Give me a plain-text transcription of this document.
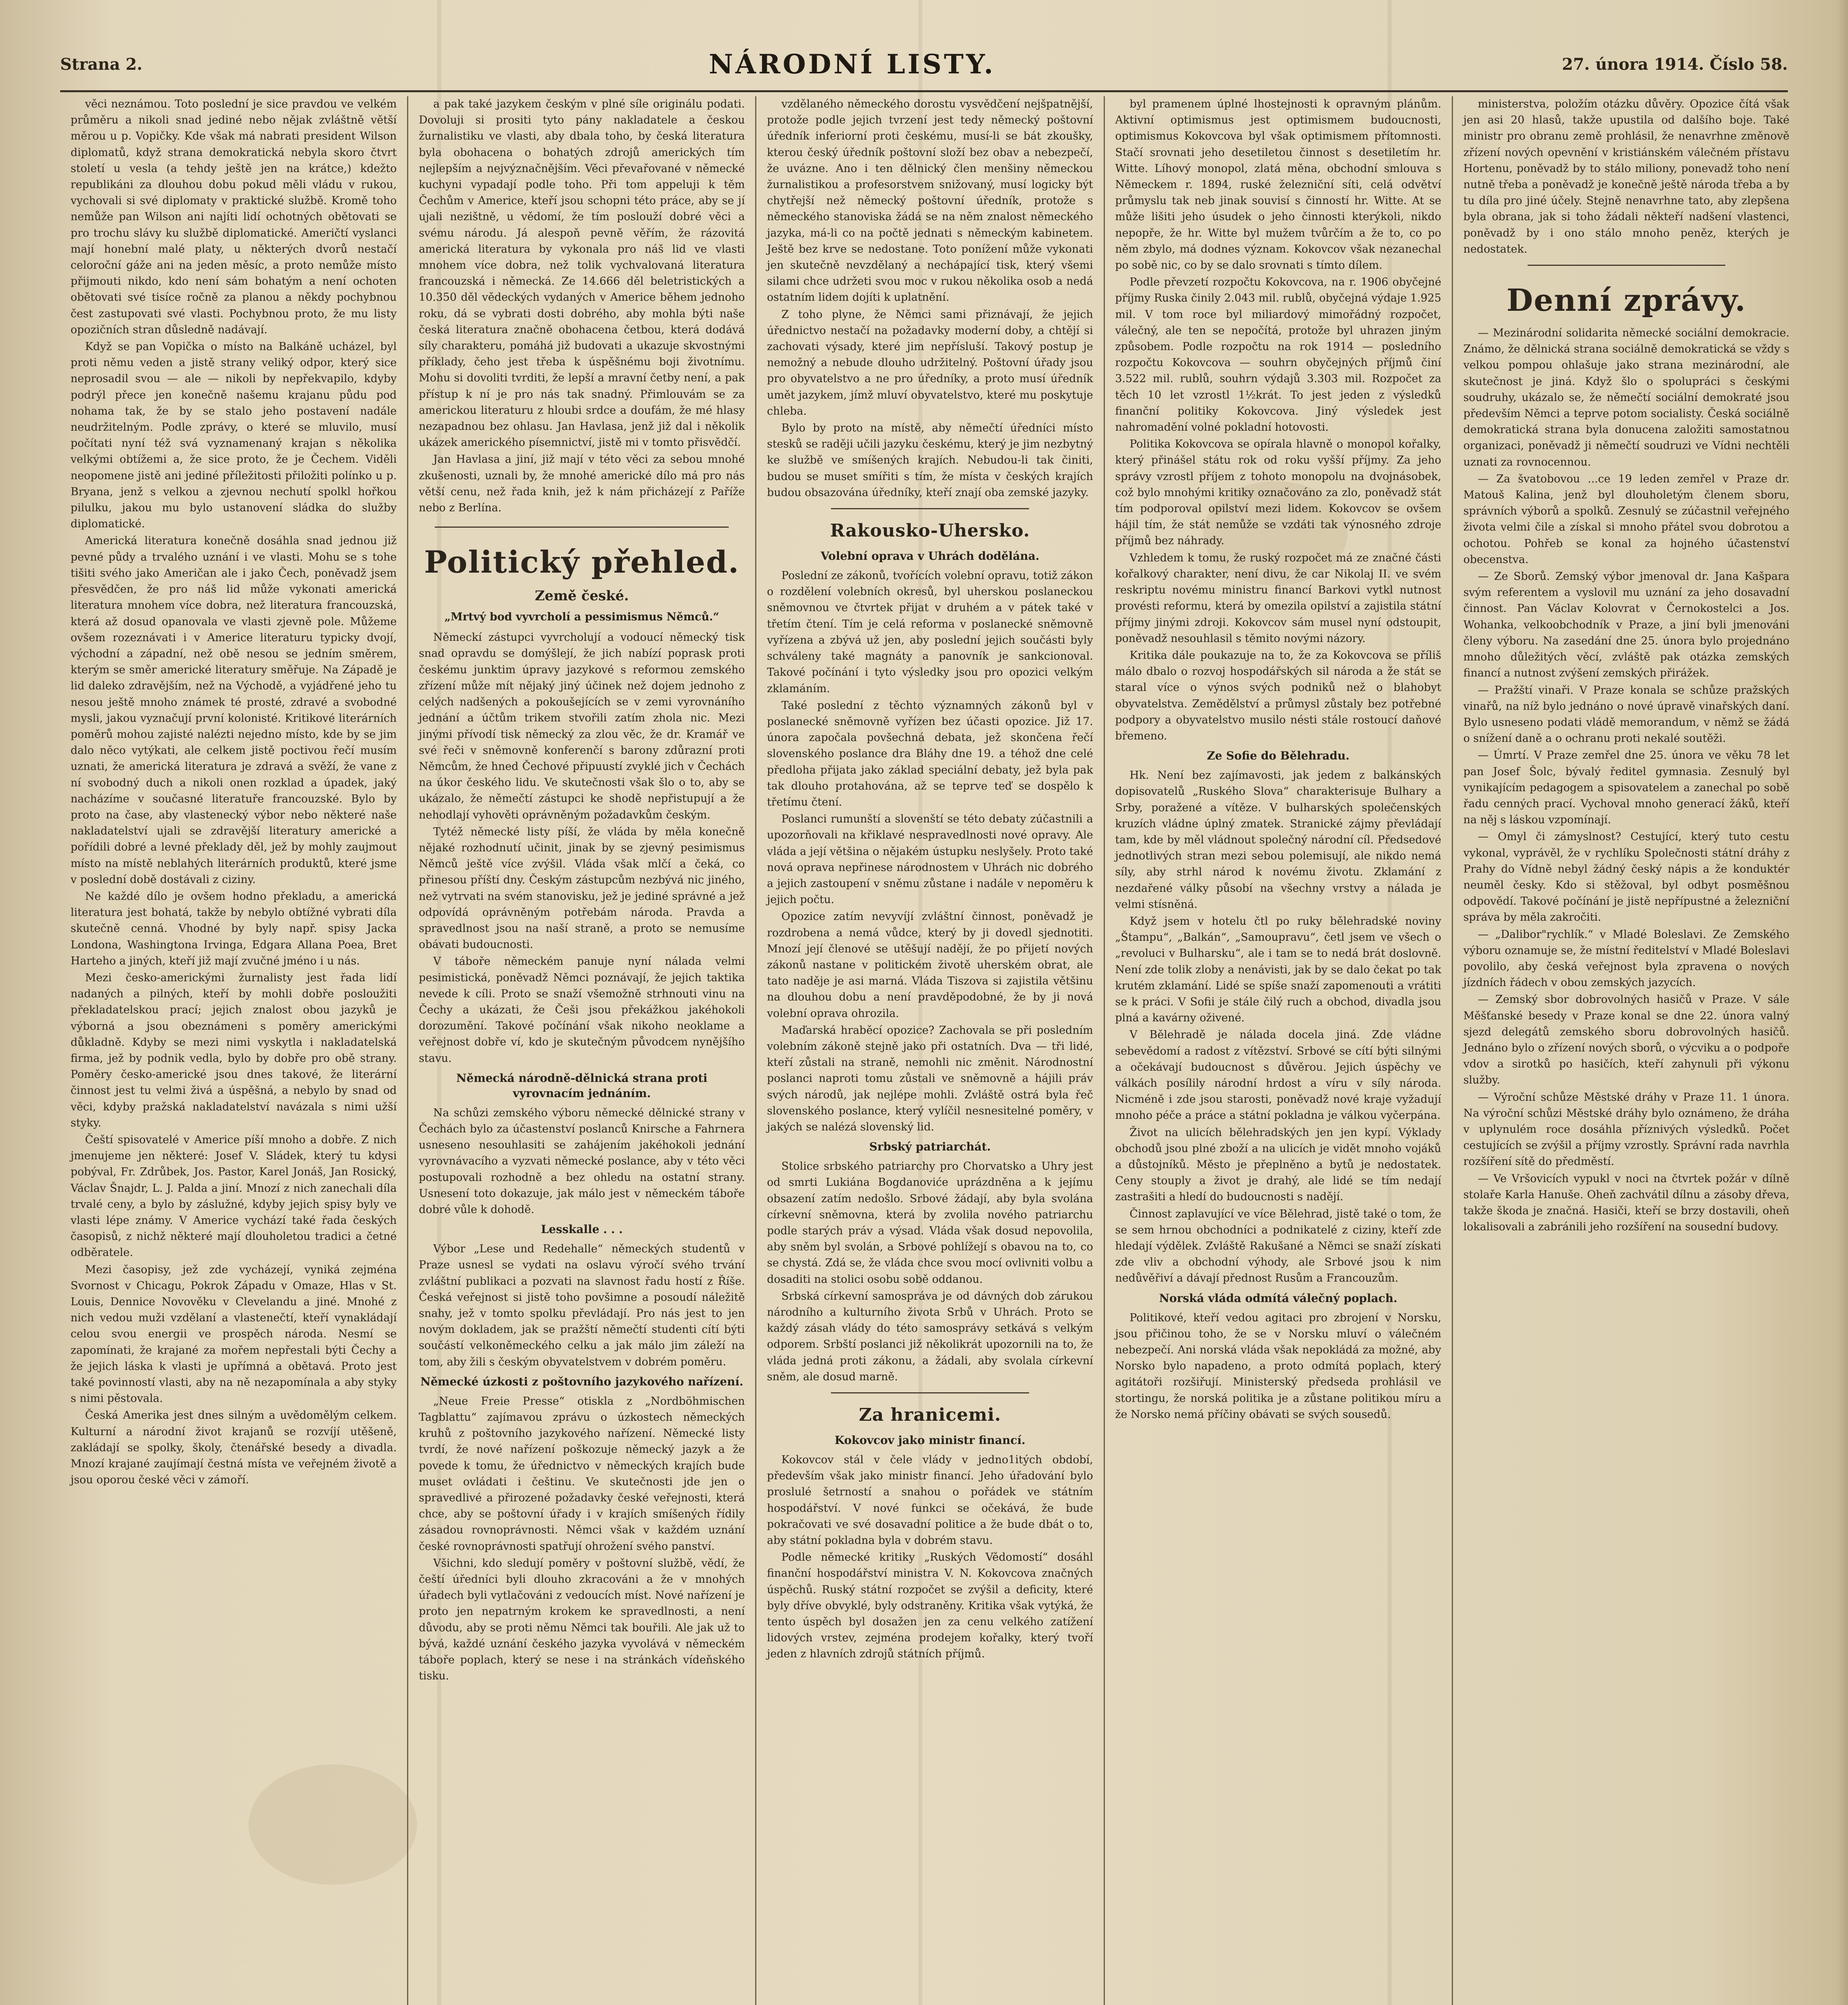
Strana 2.	NÁRODNÍ LISTY.	27. února 1914. Číslo 58.

věci neznámou. Toto poslední je sice pravdou ve velkém průměru a nikoli snad jediné nebo nějak zvláštně větší měrou u p. Vopičky. Kde však má nabrati president Wilson diplomatů, když strana demokratická nebyla skoro čtvrt století u vesla (a tehdy ještě jen na krátce,) kdežto republikáni za dlouhou dobu pokud měli vládu v rukou, vychovali si své diplomaty v praktické službě. Kromě toho nemůže pan Wilson ani najíti lidí ochotných obětovati se pro trochu slávy ku službě diplomatické. Američtí vyslanci mají honební malé platy, u některých dvorů nestačí celoroční gáže ani na jeden měsíc, a proto nemůže místo přijmouti nikdo, kdo není sám bohatým a není ochoten obětovati své tisíce ročně za planou a někdy pochybnou čest zastupovati své vlasti. Pochybnou proto, že mu listy opozičních stran důsledně nadávají.

Když se pan Vopička o místo na Balkáně ucházel, byl proti němu veden a jistě strany veliký odpor, který sice neprosadil svou — ale — nikoli by nepřekvapilo, kdyby podrýl přece jen konečně našemu krajanu půdu pod nohama tak, že by se stalo jeho postavení nadále neudržitelným. Podle zprávy, o které se mluvilo, musí počítati nyní též svá vyznamenaný krajan s několika velkými obtížemi a, že sice proto, že je Čechem. Viděli neopomene jistě ani jediné příležitosti přiložiti polínko u p. Bryana, jenž s velkou a zjevnou nechutí spolkl hořkou pilulku, jakou mu bylo ustanovení sládka do služby diplomatické.

Americká literatura konečně dosáhla snad jednou již pevné půdy a trvalého uznání i ve vlasti. Mohu se s tohe tišiti svého jako Američan ale i jako Čech, poněvadž jsem přesvědčen, že pro náš lid může vykonati americká literatura mnohem více dobra, než literatura francouzská, která až dosud opanovala ve vlasti zjevně pole. Můžeme ovšem rozeznávati i v Americe literaturu typicky dvojí, východní a západní, než obě nesou se jedním směrem, kterým se směr americké literatury směřuje. Na Západě je lid daleko zdravějším, než na Východě, a vyjádřené jeho tu nesou ještě mnoho známek té prosté, zdravé a svobodné mysli, jakou vyznačují první kolonisté. Kritikové literárních poměrů mohou zajisté nalézti nejedno místo, kde by se jim dalo něco vytýkati, ale celkem jistě poctivou řečí musím uznati, že americká literatura je zdravá a svěží, že vane z ní svobodný duch a nikoli onen rozklad a úpadek, jaký nacházíme v současné literatuře francouzské. Bylo by proto na čase, aby vlastenecký výbor nebo některé naše nakladatelství ujali se zdravější literatury americké a pořídili dobré a levné překlady děl, jež by mohly zaujmout místo na místě neblahých literárních produktů, které jsme v poslední době dostávali z ciziny.

Ne každé dílo je ovšem hodno překladu, a americká literatura jest bohatá, takže by nebylo obtížné vybrati díla skutečně cenná. Vhodné by byly např. spisy Jacka Londona, Washingtona Irvinga, Edgara Allana Poea, Bret Harteho a jiných, kteří již mají zvučné jméno i u nás.

Mezi česko-americkými žurnalisty jest řada lidí nadaných a pilných, kteří by mohli dobře posloužiti překladatelskou prací; jejich znalost obou jazyků je výborná a jsou obeznámeni s poměry americkými důkladně. Kdyby se mezi nimi vyskytla i nakladatelská firma, jež by podnik vedla, bylo by dobře pro obě strany. Poměry česko-americké jsou dnes takové, že literární činnost jest tu velmi živá a úspěšná, a nebylo by snad od věci, kdyby pražská nakladatelství navázala s nimi užší styky.

Čeští spisovatelé v Americe píší mnoho a dobře. Z nich jmenujeme jen některé: Josef V. Sládek, který tu kdysi pobýval, Fr. Zdrůbek, Jos. Pastor, Karel Jonáš, Jan Rosický, Václav Šnajdr, L. J. Palda a jiní. Mnozí z nich zanechali díla trvalé ceny, a bylo by záslužné, kdyby jejich spisy byly ve vlasti lépe známy. V Americe vychází také řada českých časopisů, z nichž některé mají dlouholetou tradici a četné odběratele.

Mezi časopisy, jež zde vycházejí, vyniká zejména Svornost v Chicagu, Pokrok Západu v Omaze, Hlas v St. Louis, Dennice Novověku v Clevelandu a jiné. Mnohé z nich vedou muži vzdělaní a vlastenečtí, kteří vynakládají celou svou energii ve prospěch národa. Nesmí se zapomínati, že krajané za mořem nepřestali býti Čechy a že jejich láska k vlasti je upřímná a obětavá. Proto jest také povinností vlasti, aby na ně nezapomínala a aby styky s nimi pěstovala.

Česká Amerika jest dnes silným a uvědomělým celkem. Kulturní a národní život krajanů se rozvíjí utěšeně, zakládají se spolky, školy, čtenářské besedy a divadla. Mnozí krajané zaujímají čestná místa ve veřejném životě a jsou oporou české věci v zámoří.

a pak také jazykem českým v plné síle originálu podati. Dovoluji si prositi tyto pány nakladatele a českou žurnalistiku ve vlasti, aby dbala toho, by česká literatura byla obohacena o bohatých zdrojů amerických tím nejlepším a nejvýznačnějším. Věci převařované v německé kuchyni vypadají podle toho. Při tom appeluji k těm Čechům v Americe, kteří jsou schopni této práce, aby se jí ujali nezištně, u vědomí, že tím poslouží dobré věci a svému národu. Já alespoň pevně věřím, že rázovitá americká literatura by vykonala pro náš lid ve vlasti mnohem více dobra, než tolik vychvalovaná literatura francouzská i německá. Ze 14.666 děl beletristických a 10.350 děl vědeckých vydaných v Americe během jednoho roku, dá se vybrati dosti dobrého, aby mohla býti naše česká literatura značně obohacena četbou, která dodává síly charakteru, pomáhá již budovati a ukazuje skvostnými příklady, čeho jest třeba k úspěšnému boji životnímu. Mohu si dovoliti tvrditi, že lepší a mravní četby není, a pak přístup k ní je pro nás tak snadný. Přimlouvám se za americkou literaturu z hloubi srdce a doufám, že mé hlasy nezapadnou bez ohlasu. Jan Havlasa, jenž již dal i několik ukázek amerického písemnictví, jistě mi v tomto přisvědčí.

Jan Havlasa a jiní, již mají v této věci za sebou mnohé zkušenosti, uznali by, že mnohé americké dílo má pro nás větší cenu, než řada knih, jež k nám přicházejí z Paříže nebo z Berlína.

Politický přehled.
Země české.
„Mrtvý bod vyvrcholí a pessimismus Němců.“

Německí zástupci vyvrcholují a vodoucí německý tisk snad opravdu se domýšlejí, že jich nabízí poprask proti českému junktim úpravy jazykové s reformou zemského zřízení může mít nějaký jiný účinek než dojem jednoho z celých nadšených a pokoušejících se v zemi vyrovnáního jednání a účtům trikem stvořili zatím zhola nic. Mezi jinými přívodí tisk německý za zlou věc, že dr. Kramář ve své řeči v sněmovně konferenčí s barony zdůrazní proti Němcům, že hned Čechové připuustí zvyklé jich v Čechách na úkor českého lidu. Ve skutečnosti však šlo o to, aby se ukázalo, že němečtí zástupci ke shodě nepřistupují a že nehodlají vyhověti oprávněným požadavkům českým.

Tytéž německé listy píší, že vláda by měla konečně nějaké rozhodnutí učinit, jinak by se zjevný pesimismus Němců ještě více zvýšil. Vláda však mlčí a čeká, co přinesou příští dny. Českým zástupcům nezbývá nic jiného, než vytrvati na svém stanovisku, jež je jediné správné a jež odpovídá oprávněným potřebám národa. Pravda a spravedlnost jsou na naší straně, a proto se nemusíme obávati budoucnosti.

V táboře německém panuje nyní nálada velmi pesimistická, poněvadž Němci poznávají, že jejich taktika nevede k cíli. Proto se snaží všemožně strhnouti vinu na Čechy a ukázati, že Češi jsou překážkou jakéhokoli dorozumění. Takové počínání však nikoho neoklame a veřejnost dobře ví, kdo je skutečným původcem nynějšího stavu.

Německá národně-dělnická strana proti vyrovnacím jednáním.

Na schůzi zemského výboru německé dělnické strany v Čechách bylo za účastenství poslanců Knirsche a Fahrnera usneseno nesouhlasiti se zahájením jakéhokoli jednání vyrovnávacího a vyzvati německé poslance, aby v této věci postupovali rozhodně a bez ohledu na ostatní strany. Usnesení toto dokazuje, jak málo jest v německém táboře dobré vůle k dohodě.

Lesskalle . . .

Výbor „Lese und Redehalle“ německých studentů v Praze usnesl se vydati na oslavu výročí svého trvání zvláštní publikaci a pozvati na slavnost řadu hostí z Říše. Česká veřejnost si jistě toho povšimne a posoudí náležitě snahy, jež v tomto spolku převládají. Pro nás jest to jen novým dokladem, jak se pražští němečtí studenti cítí býti součástí velkoněmeckého celku a jak málo jim záleží na tom, aby žili s českým obyvatelstvem v dobrém poměru.

Německé úzkosti z poštovního jazykového nařízení.

„Neue Freie Presse“ otiskla z „Nordböhmischen Tagblattu“ zajímavou zprávu o úzkostech německých kruhů z poštovního jazykového nařízení. Německé listy tvrdí, že nové nařízení poškozuje německý jazyk a že povede k tomu, že úřednictvo v německých krajích bude muset ovládati i češtinu. Ve skutečnosti jde jen o spravedlivé a přirozené požadavky české veřejnosti, která chce, aby se poštovní úřady i v krajích smíšených řídily zásadou rovnoprávnosti. Němci však v každém uznání české rovnoprávnosti spatřují ohrožení svého panství.

Všichni, kdo sledují poměry v poštovní službě, vědí, že čeští úředníci byli dlouho zkracováni a že v mnohých úřadech byli vytlačováni z vedoucích míst. Nové nařízení je proto jen nepatrným krokem ke spravedlnosti, a není důvodu, aby se proti němu Němci tak bouřili. Ale jak už to bývá, každé uznání českého jazyka vyvolává v německém táboře poplach, který se nese i na stránkách vídeňského tisku.

vzdělaného německého dorostu vysvědčení nejšpatnější, protože podle jejich tvrzení jest tedy německý poštovní úředník inferiorní proti českému, musí-li se bát zkoušky, kterou český úředník poštovní složí bez obav a nebezpečí, že uvázne. Ano i ten dělnický člen menšiny německou žurnalistikou a profesorstvem snižovaný, musí logicky být chytřejší než německý poštovní úředník, protože s německého stanoviska žádá se na něm znalost německého jazyka, má-li co na počtě jednati s německým kabinetem. Ještě bez krve se nedostane. Toto ponížení může vykonati jen skutečně nevzdělaný a nechápající tisk, který všemi silami chce udržeti svou moc v rukou několika osob a nedá ostatním lidem dojíti k uplatnění.

Z toho plyne, že Němci sami přiznávají, že jejich úřednictvo nestačí na požadavky moderní doby, a chtějí si zachovati výsady, které jim nepřísluší. Takový postup je nemožný a nebude dlouho udržitelný. Poštovní úřady jsou pro obyvatelstvo a ne pro úředníky, a proto musí úředník umět jazykem, jímž mluví obyvatelstvo, které mu poskytuje chleba.

Bylo by proto na místě, aby němečtí úředníci místo stesků se raději učili jazyku českému, který je jim nezbytný ke službě ve smíšených krajích. Nebudou-li tak činiti, budou se muset smířiti s tím, že místa v českých krajích budou obsazována úředníky, kteří znají oba zemské jazyky.

Rakousko-Uhersko.
Volební oprava v Uhrách dodělána.

Poslední ze zákonů, tvořících volební opravu, totiž zákon o rozdělení volebních okresů, byl uherskou poslaneckou sněmovnou ve čtvrtek přijat v druhém a v pátek také v třetím čtení. Tím je celá reforma v poslanecké sněmovně vyřízena a zbývá už jen, aby poslední jejich součásti byly schváleny také magnáty a panovník je sankcionoval. Takové počínání i tyto výsledky jsou pro opozici velkým zklamáním.

Také poslední z těchto významných zákonů byl v poslanecké sněmovně vyřízen bez účasti opozice. Již 17. února započala povšechná debata, jež skončena řečí slovenského poslance dra Bláhy dne 19. a téhož dne celé předloha přijata jako základ speciální debaty, jež byla pak tak dlouho protahována, až se teprve teď se dospělo k třetímu čtení.

Poslanci rumunští a slovenští se této debaty zúčastnili a upozorňovali na křiklavé nespravedlnosti nové opravy. Ale vláda a její většina o nějakém ústupku neslyšely. Proto také nová oprava nepřinese národnostem v Uhrách nic dobrého a jejich zastoupení v sněmu zůstane i nadále v nepoměru k jejich počtu.

Opozice zatím nevyvíjí zvláštní činnost, poněvadž je rozdrobena a nemá vůdce, který by ji dovedl sjednotiti. Mnozí její členové se utěšují nadějí, že po přijetí nových zákonů nastane v politickém životě uherském obrat, ale tato naděje je asi marná. Vláda Tiszova si zajistila většinu na dlouhou dobu a není pravděpodobné, že by ji nová volební oprava ohrozila.

Maďarská hraběcí opozice? Zachovala se při posledním volebním zákoně stejně jako při ostatních. Dva — tři lidé, kteří zůstali na straně, nemohli nic změnit. Národnostní poslanci naproti tomu zůstali ve sněmovně a hájili práv svých národů, jak nejlépe mohli. Zvláště ostrá byla řeč slovenského poslance, který vylíčil nesnesitelné poměry, v jakých se nalézá slovenský lid.

Srbský patriarchát.

Stolice srbského patriarchy pro Chorvatsko a Uhry jest od smrti Lukiána Bogdanoviće uprázdněna a k jejímu obsazení zatím nedošlo. Srbové žádají, aby byla svolána církevní sněmovna, která by zvolila nového patriarchu podle starých práv a výsad. Vláda však dosud nepovolila, aby sněm byl svolán, a Srbové pohlížejí s obavou na to, co se chystá. Zdá se, že vláda chce svou mocí ovlivniti volbu a dosaditi na stolici osobu sobě oddanou.

Srbská církevní samospráva je od dávných dob zárukou národního a kulturního života Srbů v Uhrách. Proto se každý zásah vlády do této samosprávy setkává s velkým odporem. Srbští poslanci již několikrát upozornili na to, že vláda jedná proti zákonu, a žádali, aby svolala církevní sněm, ale dosud marně.

Za hranicemi.
Kokovcov jako ministr financí.

Kokovcov stál v čele vlády v jedno1itých období, především však jako ministr financí. Jeho úřadování bylo proslulé šetrností a snahou o pořádek ve státním hospodářství. V nové funkci se očekává, že bude pokračovati ve své dosavadní politice a že bude dbát o to, aby státní pokladna byla v dobrém stavu.

Podle německé kritiky „Ruských Vědomostí“ dosáhl finanční hospodářství ministra V. N. Kokovcova značných úspěchů. Ruský státní rozpočet se zvýšil a deficity, které byly dříve obvyklé, byly odstraněny. Kritika však vytýká, že tento úspěch byl dosažen jen za cenu velkého zatížení lidových vrstev, zejména prodejem kořalky, který tvoří jeden z hlavních zdrojů státních příjmů.

byl pramenem úplné lhostejnosti k opravným plánům. Aktivní optimismus jest optimismem budoucnosti, optimismus Kokovcova byl však optimismem přítomnosti. Stačí srovnati jeho desetiletou činnost s desetiletím hr. Witte. Líhový monopol, zlatá měna, obchodní smlouva s Německem r. 1894, ruské železniční síti, celá odvětví průmyslu tak neb jinak souvisí s činností hr. Witte. At se může lišiti jeho úsudek o jeho činnosti kterýkoli, nikdo nepopře, že hr. Witte byl mužem tvůrčím a že to, co po něm zbylo, má dodnes význam. Kokovcov však nezanechal po sobě nic, co by se dalo srovnati s tímto dílem.

Podle převzetí rozpočtu Kokovcova, na r. 1906 obyčejné příjmy Ruska činily 2.043 mil. rublů, obyčejná výdaje 1.925 mil. V tom roce byl miliardový mimořádný rozpočet, válečný, ale ten se nepočítá, protože byl uhrazen jiným způsobem. Podle rozpočtu na rok 1914 — posledního rozpočtu Kokovcova — souhrn obyčejných příjmů činí 3.522 mil. rublů, souhrn výdajů 3.303 mil. Rozpočet za těch 10 let vzrostl 1½krát. To jest jeden z výsledků finanční politiky Kokovcova. Jiný výsledek jest nahromadění volné pokladní hotovosti.

Politika Kokovcova se opírala hlavně o monopol kořalky, který přinášel státu rok od roku vyšší příjmy. Za jeho správy vzrostl příjem z tohoto monopolu na dvojnásobek, což bylo mnohými kritiky označováno za zlo, poněvadž stát tím podporoval opilství mezi lidem. Kokovcov se ovšem hájil tím, že stát nemůže se vzdáti tak výnosného zdroje příjmů bez náhrady.

Vzhledem k tomu, že ruský rozpočet má ze značné části kořalkový charakter, není divu, že car Nikolaj II. ve svém reskriptu novému ministru financí Barkovi vytkl nutnost provésti reformu, která by omezila opilství a zajistila státní příjmy jinými zdroji. Kokovcov sám musel nyní odstoupit, poněvadž nesouhlasil s těmito novými názory.

Kritika dále poukazuje na to, že za Kokovcova se příliš málo dbalo o rozvoj hospodářských sil národa a že stát se staral více o výnos svých podniků než o blahobyt obyvatelstva. Zemědělství a průmysl zůstaly bez potřebné podpory a obyvatelstvo musilo nésti stále rostoucí daňové břemeno.

Ze Sofie do Bělehradu.

Hk. Není bez zajímavosti, jak jedem z balkánských dopisovatelů „Ruského Slova“ charakterisuje Bulhary a Srby, poražené a vítěze. V bulharských společenských kruzích vládne úplný zmatek. Stranické zájmy převládají tam, kde by měl vládnout společný národní cíl. Předsedové jednotlivých stran mezi sebou polemisují, ale nikdo nemá síly, aby strhl národ k novému životu. Zklamání z nezdařené války působí na všechny vrstvy a nálada je velmi stísněná.

Když jsem v hotelu čtl po ruky bělehradské noviny „Štampu“, „Balkán“, „Samoupravu“, četl jsem ve všech o „revoluci v Bulharsku“, ale i tam se to nedá brát doslovně. Není zde tolik zloby a nenávisti, jak by se dalo čekat po tak krutém zklamání. Lidé se spíše snaží zapomenouti a vrátiti se k práci. V Sofii je stále čilý ruch a obchod, divadla jsou plná a kavárny oživené.

V Bělehradě je nálada docela jiná. Zde vládne sebevědomí a radost z vítězství. Srbové se cítí býti silnými a očekávají budoucnost s důvěrou. Jejich úspěchy ve válkách posílily národní hrdost a víru v síly národa. Nicméně i zde jsou starosti, poněvadž nové kraje vyžadují mnoho péče a práce a státní pokladna je válkou vyčerpána.

Život na ulicích bělehradských jen jen kypí. Výklady obchodů jsou plné zboží a na ulicích je vidět mnoho vojáků a důstojníků. Město je přeplněno a bytů je nedostatek. Ceny stouply a život je drahý, ale lidé se tím nedají zastrašiti a hledí do budoucnosti s nadějí.

Činnost zaplavující ve více Bělehrad, jistě také o tom, že se sem hrnou obchodníci a podnikatelé z ciziny, kteří zde hledají výdělek. Zvláště Rakušané a Němci se snaží získati zde vliv a obchodní výhody, ale Srbové jsou k nim nedůvěřiví a dávají přednost Rusům a Francouzům.

Norská vláda odmítá válečný poplach.

Politikové, kteří vedou agitaci pro zbrojení v Norsku, jsou přičinou toho, že se v Norsku mluví o válečném nebezpečí. Ani norská vláda však nepokládá za možné, aby Norsko bylo napadeno, a proto odmítá poplach, který agitátoři rozšiřují. Ministerský předseda prohlásil ve stortingu, že norská politika je a zůstane politikou míru a že Norsko nemá příčiny obávati se svých sousedů.

ministerstva, položím otázku důvěry. Opozice čítá však jen asi 20 hlasů, takže upustila od dalšího boje. Také ministr pro obranu země prohlásil, že nenavrhne změnově zřízení nových opevnění v kristiánském válečném přístavu Hortenu, poněvadž by to stálo miliony, ponevadž toho není nutně třeba a poněvadž je konečně ještě národa třeba a by tu díla pro jiné účely. Stejně nenavrhne tato, aby zlepšena byla obrana, jak si toho žádali někteří nadšení vlastenci, poněvadž by i ono stálo mnoho peněz, kterých je nedostatek.

Denní zprávy.

— Mezinárodní solidarita německé sociální demokracie. Známo, že dělnická strana sociálně demokratická se vždy s velkou pompou ohlašuje jako strana mezinárodní, ale skutečnost je jiná. Když šlo o spolupráci s českými soudruhy, ukázalo se, že němečtí sociální demokraté jsou především Němci a teprve potom socialisty. Česká sociálně demokratická strana byla donucena založiti samostatnou organizaci, poněvadž ji němečtí soudruzi ve Vídni nechtěli uznati za rovnocennou.

— Za švatobovou ...ce 19 leden zemřel v Praze dr. Matouš Kalina, jenž byl dlouholetým členem sboru, správních výborů a spolků. Zesnulý se zúčastnil veřejného života velmi čile a získal si mnoho přátel svou dobrotou a ochotou. Pohřeb se konal za hojného účastenství obecenstva.

— Ze Sborů. Zemský výbor jmenoval dr. Jana Kašpara svým referentem a vyslovil mu uznání za jeho dosavadní činnost. Pan Václav Kolovrat v Černokostelci a Jos. Wohanka, velkoobchodník v Praze, a jiní byli jmenováni členy výboru. Na zasedání dne 25. února bylo projednáno mnoho důležitých věcí, zvláště pak otázka zemských financí a nutnost zvýšení zemských přirážek.

— Pražští vinaři. V Praze konala se schůze pražských vinařů, na níž bylo jednáno o nové úpravě vinařských daní. Bylo usneseno podati vládě memorandum, v němž se žádá o snížení daně a o ochranu proti nekalé soutěži.

— Úmrtí. V Praze zemřel dne 25. února ve věku 78 let pan Josef Šolc, bývalý ředitel gymnasia. Zesnulý byl vynikajícím pedagogem a spisovatelem a zanechal po sobě řadu cenných prací. Vychoval mnoho generací žáků, kteří na něj s láskou vzpomínají.

— Omyl či zámyslnost? Cestující, který tuto cestu vykonal, vyprávěl, že v rychlíku Společnosti státní dráhy z Prahy do Vídně nebyl žádný český nápis a že konduktér neuměl česky. Kdo si stěžoval, byl odbyt posměšnou odpovědí. Takové počínání je jistě nepřípustné a železniční správa by měla zakročiti.

— „Dalibor"rychlík.“ v Mladé Boleslavi. Ze Zemského výboru oznamuje se, že místní ředitelství v Mladé Boleslavi povolilo, aby česká veřejnost byla zpravena o nových jízdních řádech v obou zemských jazycích.

— Zemský sbor dobrovolných hasičů v Praze. V sále Měšťanské besedy v Praze konal se dne 22. února valný sjezd delegátů zemského sboru dobrovolných hasičů. Jednáno bylo o zřízení nových sborů, o výcviku a o podpoře vdov a sirotků po hasičích, kteří zahynuli při výkonu služby.

— Výroční schůze Městské dráhy v Praze 11. 1 února. Na výroční schůzi Městské dráhy bylo oznámeno, že dráha v uplynulém roce dosáhla příznivých výsledků. Počet cestujících se zvýšil a příjmy vzrostly. Správní rada navrhla rozšíření sítě do předměstí.

— Ve Vršovicích vypukl v noci na čtvrtek požár v dílně stolaře Karla Hanuše. Oheň zachvátil dílnu a zásoby dřeva, takže škoda je značná. Hasiči, kteří se brzy dostavili, oheň lokalisovali a zabránili jeho rozšíření na sousední budovy.
